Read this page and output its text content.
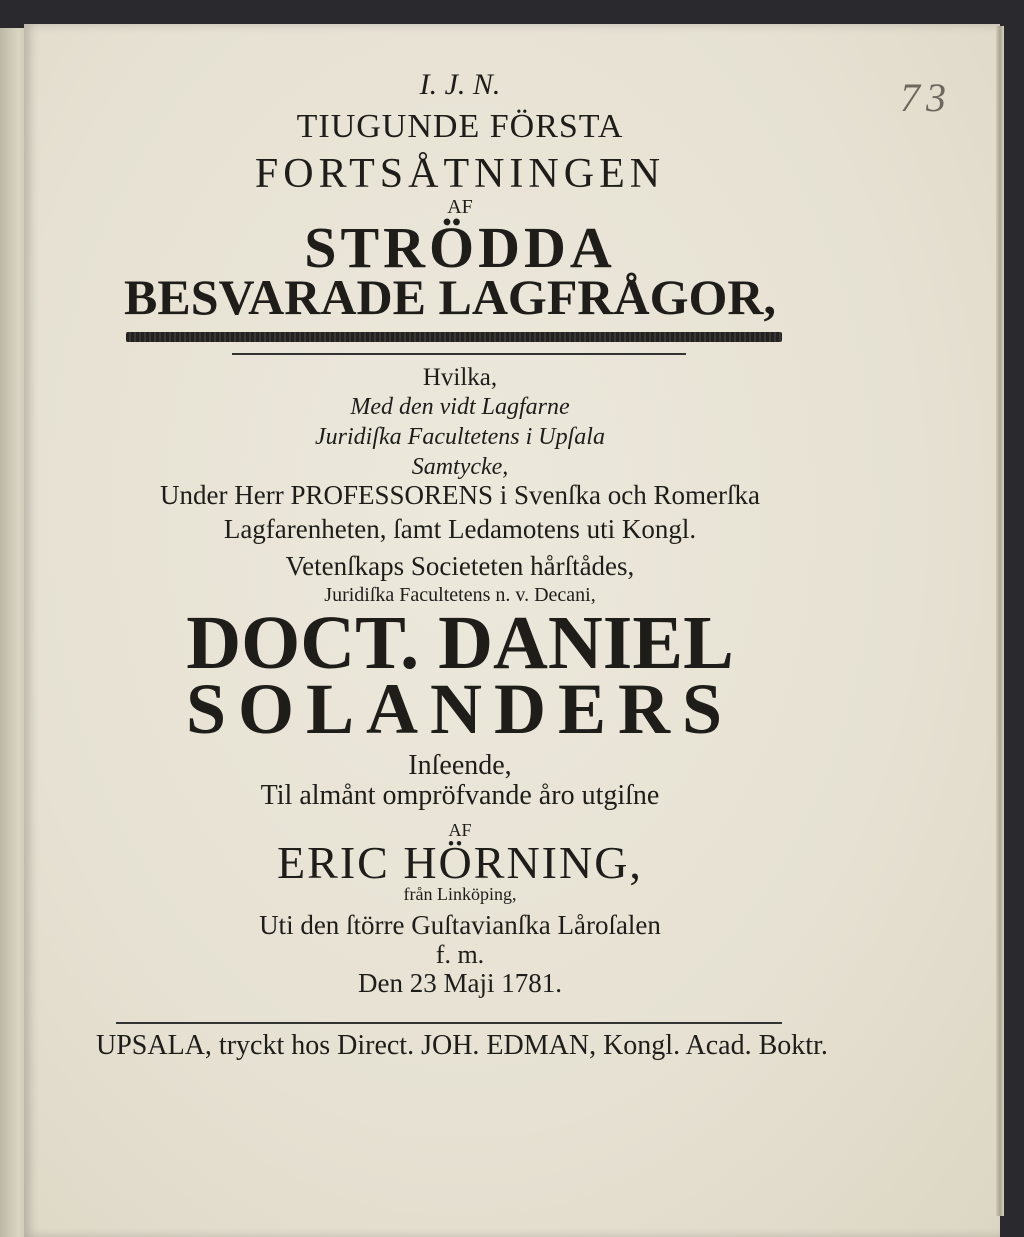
73
I. J. N.
TIUGUNDE FÖRSTA
FORTSÅTNINGEN
AF
STRÖDDA
BESVARADE LAGFRÅGOR,
Hvilka,
Med den vidt Lagfarne
Juridiſka Facultetens i Upſala
Samtycke,
Under Herr PROFESSORENS i Svenſka och Romerſka
Lagfarenheten, ſamt Ledamotens uti Kongl.
Vetenſkaps Societeten hårſtådes,
Juridiſka Facultetens n. v. Decani,
DOCT. DANIEL
SOLANDERS
Inſeende,
Til almånt ompröfvande åro utgiſne
AF
ERIC HÖRNING,
från Linköping,
Uti den ſtörre Guſtavianſka Låroſalen
f. m.
Den 23 Maji 1781.
UPSALA, tryckt hos Direct. JOH. EDMAN, Kongl. Acad. Boktr.
